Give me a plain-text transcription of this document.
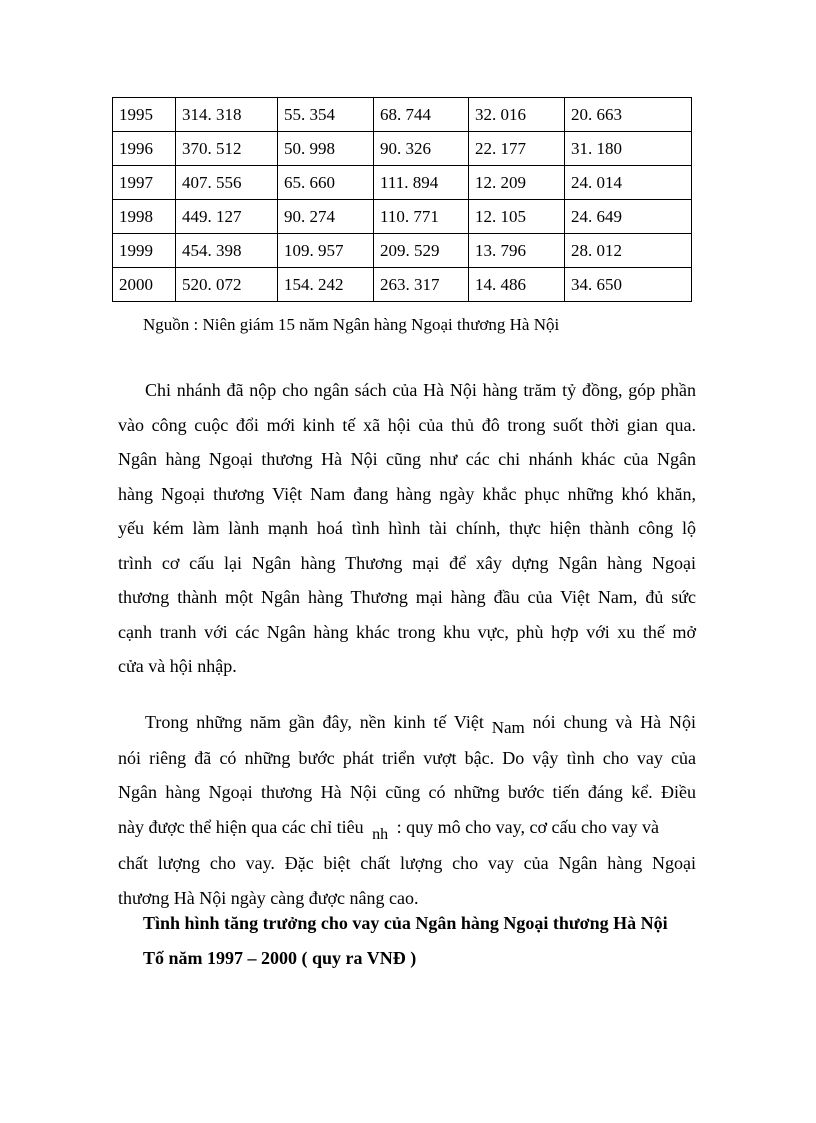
1995	314. 318	55. 354	68. 744	32. 016	20. 663
1996	370. 512	50. 998	90. 326	22. 177	31. 180
1997	407. 556	65. 660	111. 894	12. 209	24. 014
1998	449. 127	90. 274	110. 771	12. 105	24. 649
1999	454. 398	109. 957	209. 529	13. 796	28. 012
2000	520. 072	154. 242	263. 317	14. 486	34. 650
Nguồn : Niên giám 15 năm Ngân hàng Ngoại thương Hà Nội
Chi nhánh đã nộp cho ngân sách của Hà Nội hàng trăm tỷ đồng, góp phần
vào công cuộc đổi mới kinh tế xã hội của thủ đô trong suốt thời gian qua.
Ngân hàng Ngoại thương Hà Nội cũng như các chi nhánh khác của Ngân
hàng Ngoại thương Việt Nam đang hàng ngày khắc phục những khó khăn,
yếu kém làm lành mạnh hoá tình hình tài chính, thực hiện thành công lộ
trình cơ cấu lại Ngân hàng Thương mại để xây dựng Ngân hàng Ngoại
thương thành một Ngân hàng Thương mại hàng đầu của Việt Nam, đủ sức
cạnh tranh với các Ngân hàng khác trong khu vực, phù hợp với xu thế mở
cửa và hội nhập.
Trong những năm gần đây, nền kinh tế Việt Nam nói chung và Hà Nội
nói riêng đã có những bước phát triển vượt bậc. Do vậy tình cho vay của
Ngân hàng Ngoại thương Hà Nội cũng có những bước tiến đáng kể. Điều
này được thể hiện qua các chỉ tiêu nh : quy mô cho vay, cơ cấu cho vay và
chất lượng cho vay. Đặc biệt chất lượng cho vay của Ngân hàng Ngoại
thương Hà Nội ngày càng được nâng cao.
Tình hình tăng trưởng cho vay của Ngân hàng Ngoại thương Hà Nội
Tố năm 1997 – 2000 ( quy ra VNĐ )
